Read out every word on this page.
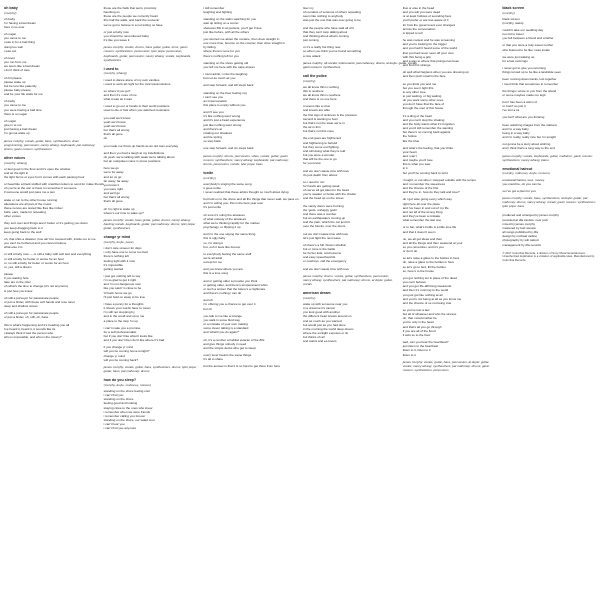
oh baby
(murphy)
oh baby
i'm having a bad dream
here in us ever
oh sugar
you came to me
i was in for a bad thing
doing too well
i was out
oh lover
you run from me
we seem like a bad dream
i don't think of care
oh hit please
please wake up
but be tore like patiently
please baby please
and be your life waits for me
oh baby
you came to me
you were having a bad time
there is no sugar
oh sugar
give in to me
just having a bad dream
i'm gonna wake up
james murphy: vocals, guitar, bass, synthesizers, drum programming, percussion; nancy whang: keyboards; pat mahoney: drums; gavin russom: synthesizers
other voices
(murphy, whang)
or feel good in the floor and it's open the window
and let the light in
the light burns or eyes but it comes with each passing hour
or head like a black stuffed with unwritten letters to send for make friends
oh you're at the war or have to remember if someone
if someone would just pass me a pen
wake or run to the other house running
alterations are all part of the music
these nerves are tested like flies like nickel
bells, ears, made for repeating
other voices
they sort over and things aren't better or it's getting you down
you keep dragging back to it
keep going back to the well
oh, that shits a disaster, time ain't be messed with, inside me to me
you can't be bothered and you cannot believe
what else it is
or still a baby now — or still a baby with soft feet and everything
or still a baby for better or worse for an hour
or, so still a baby for better or worse for an hour
or, yes, still a dream
please
if you waking hole
take are to the otter
oh what's the time to change (it's not anymore)
is just how you know
oh still a purveyor for passionate people
or just a finder, with those soft hands and rose toner
deep and shallow voices
oh still a purveyor for passionate people
or just a finder, oh, still, oh, bass
this is what's happening and it's treading you all
i've heard it, heard it, it sounds like its
i always think it was the person who
who is impossible, and who is the misery?
those are the halls that we're proximity
haunting us
these are the people we currently haunt
this half the walls, and back the souvenir
we've got to believe in a not letting us have
or just a baby now
you should be remembered baby
it's like you leave it
james murphy: vocals, drums, bass guitar, guitar, toms; gavin russom: synthesizers, percussion; tyler pope: percussion, keyboards, guitar, percussion; nancy whang: vocals, keyboards, synthesizers
i used to
(murphy, whang)
i used to dance alone of my own vanities
i used to work all night for the rock transmissions
so where'd you go?
and then it's more of me
what it was as it was
i used to go out or hands to their world positions
used to die or fast when you watched musicians
you said we'd know
yeah we'd know
yeah we'd know
but that's all wrong
that's all gone
oh
you made me throw up hands as an old man everyday
and then you had a laugh at my indefinitions
oh yeah, we're talking with weak we're talking about
but an outspoken voice in prose positions
here we go
we're for away
and let us go
far away, far away
you know it
you were right
and we'll go
but that's all wrong
that's all gone
oh i'm right to wake up
where's our time to wake up?
james murphy: vocals, bass guitar, guitar, drums; nancy whang: backing vocals, keyboards, guitar; pat mahoney: drums; tyler pope: guitar, synthesizers
change yr mind
(murphy, doyle, pope)
i don't care unseen for days
i only have one to come too bad
there's nothing left
feeling tight with it now
it's impossible
getting started
i just got nothing left to say
i'm so glad to get it right
and i'm not dangerous now
like you said i'm close to be
'til back home we go
i'll just hold on away to be true
i have a penny for a thoughts
it shows your words have to mean
i'm still not stopping by
and in the small and up to me
a place to the stop i'm up
i can't make you a promise
for a self-professionalist
but if you don't like what it looks like
and if you don't then don't like where it's bad
if you change yr mind
will you be coming home tonight?
change yr mind
will you be coming back?
james murphy: vocals, guitar, bass, synthesizers, drums; tyler pope: guitar, bass; pat mahoney: drums
how do you sleep?
(murphy, doyle, mahoney, russom)
standing on the shore feeling cool
i can't find you
standing on the shore
feeling good and looking
staying close to the ones who know
i remember when we were friends
i remember calling you forever
standing on the shore, our salad cool
i can't hear you
i can't find you anymore
i still remember
laughing and fighting
standing on the stairs watching for you
wait up sitting on a corner
shelocan fills in at pockets, you'll get if due
just like before, with all the others
you worried me about the cocaine, then dove straight in
one more time, bounce on the counter, then dove straight in
by failing
where there's none for you
there's nothing left for you
standing on the shore getting old
you left me here with the cape-shores
i must admit, i miss the laughing
but not as much as you
and step forward, and kill steps back
standing on the floor feeling coy
i can't see you
an impersonation
this place is empty without you
and i'll see you
it's like nothing went wrong
and it's just a heart experience
just like nothing went wrong
and there's at
rotating our shadows
and tie spring
so step back
one step forward, and six steps back
james murphy: drums, percussion, vibes, vocals, guitar; gavin russom: synthesizers; nancy whang: keyboards; pat mahoney: drums, percussion, vocals; tyler pope: bass
tonite
(murphy)
everybody's singing the same song
it goes tonite
i never realized that these artists thought so much about dying
but hold on to the shore and all the things that never said, we pass on
and i'm telling you: this is the best year ever
it's just tonite
oh sure it's ruling the airwaves
of what nobody of the airwaves
what we're thinking rapidly for the market
psychology, or flipping it up
and i'm the one saying the same thing
this is ugly baby
so, i'm doing it
but, ooh it feels like forever
to everybody feeling the same stuff
we're all adult
except for me
and you know where you are
this is a love song
and or getting older a prouder you think
or getting older, and there's temperament whim
or such a winner that the future's a nightmare
and there's nothing i can do
and oh
i'm offering you a chance to get over it
but oh
you talk to me like a strange
you walk in some fluid way
or a mistake of your own making
some clever talking is a standard
and 'what'll you do again?'
oh, it's a number a habitat veteran of the 80s
and give things nobody in need
and the simple decks who get to sleep
every lover haunts the same things
it's all to share
but the answer is that it is so hard to get there from here
liver my
oh remains of versions of others repeating
seem like nothing to anybody
was just the one that was ever going to be
and the people who have said all of it
that they can't stop talking about
and thinking about what's coming
just coming
or it's a really hot thing now
so when you think you've found something
a nice attack
james murphy: all vocals; instruments; pat mahoney: drums; al doyle: guitar, vocals
gavin russom: synthesizers
call the police
(murphy)
we all know this is nothing
this is nowhere
we all know this is nowhere
and there is no one here
it seems like a virus
and knows are able
the first sign of sickness is the pressure
second is wanting to burn
but that's not the state we're in
the air is thin
but that's not this zone
the end goes are frightened
and frightening to behold
but they come out fighting
and still doing what they're told
but you were a wonder
that will be the one to go
for you know
and we don't waste time with love
it's just death from above
so i need to run
for hands are getting weak
oh we've all got talent in the head
you're weaker or broke with the chatter
and the head up on the street
the vanity doors were burning
the 'gods, unhappy gods'
and there was a number
but an earthquake's coming up
and the pain, which the car just hit
over the blocks, over the doors
out we don't waste time with love
let's just fight the next wave
oh there's a full, blown rebellion
but or mine is the battle
for fuzzer kids, cold lessons
and easy speechworlds
or cowboys, call the emergency
and we don't waste time with love
james murphy: drums, vocals, guitar, synthesizers, percussion; nancy whang: synthesizers; pat mahoney: drums; al doyle: guitar, vocals
american dream
(murphy)
wake up with someone near you
in a universe it's cancer
you look good with another
the different heart knows around on
and as much as you wanted
but would just as you had done
in the morning the world deep dream
where the sunlight exposes or sit
but thinks oh all
and stains and ex-lovers
that or else in the head
and you will you were dead
or at least hollows of sounding here
you'll prefer or are feel aware of it
for how the government ever changed
across the conversation
is tipped to tell
he was coolest and he was screaming
and you're looking for the bigger
and you hadn't heard some of the world
that you had never seen off your own
with this being a grip
and a way to where that plunge has been
and find this strange
oh well what happens when you are dressing up
and then push small in the face
so you think you and me
but you see it tight this
to any other love
to just waiting, or big waiting
oh you want some other ones
you don't have that the face of
through the soul of this house
it's a ding of the heart
and you can't stop the shaking
and the body wants what it's forgotten
and you'd still remember the wanting
but there's no coming back against
the hollow
like the blue
and what's the feeling, that you'd like
your heart
and i can't
and maybe you'd lose
this is what you saw
in it
but you'll be coming back to tell it
i fought, or out when i stopped outside with the tempo
and i remember the sweetness
and the chance of the first
and they're in, how do they talk and love?
oh i got wise going every which way
right here all over the place
and i've been in and out of my life
and not all of the wrong thing
and they've been a mistake
what remember the last one
or to bar, what's bottle is a little love life
and that it doesn't seem
no, we all got ideas and then
and all the things and then weekend at your
so you remember, and it's you
or don't do
so let's raise a glass to the bottles in here
oh, raise a glass to the bottles in here
so let's go to bed, fill the bottles
so, here's to the house
you got nothing set in place of the dead
you can't behave
and you get life-affirming weekends
and then it's morning to the world
you just got like nothing at all
and you're not being at all as you know me
and the chance of us not being true
so you've lost a law
but all of whatever and who the sincere
oh, that i would rather be
you're only in the heart
and that's all you go through
if you are all of the flood
it acts so to the floor
well, can you hear the heartbeat?
just listen to the heartbeat
listen to it, listen to it
listen to it
james murphy: vocals, guitar, bass, percussion; al doyle: guitar, vocals; nancy whang: synthesizers; pat mahoney: drums; gavin russom: synthesizers, percussion
black screen
(murphy)
black screen
(murphy, lasko)
couldn't take our wedding day
too old to travel
you felt between a friend and a father
or that you were a truly sweet mother
who listened to be like I was inside
we were just waking up
for a last mornings
i never got to give you returning
things turned up to be like a landslide seen
been running down tracks, lost together
i must think that sometimes to remember
the things i wrote to you from the island
or some maybes made me legit
but it has been a warm of
or how? so just it
i've lost a lot
you bet? what are you thinking
been watching images from the stations
and i'm a way baby
being in a way baby
and i'm really, really nice but i'm tonight
not gonna be a story about wishing
and i think that's a long way to the end
james murphy: vocals, keyboards, guitar, mellotron; gavin russom: synthesizers; nancy whang: piano
emotional haircut
(murphy, mahoney, doyle, russom)
emotional haircut, love, money
you could be, oh you can be
so i've got a plan for you
james murphy: vocals, bass, synthesizers; al doyle: guitar; pat mahoney: drums; nancy whang: vocals; gavin russom: synthesizers; tyler pope: bass
produced and arranged by james murphy
recorded at dfa studios, new york
mixed by james murphy
mastered by bob weston
all songs published by dfa
design by michael vadino
photography by will calcutt
management by dfa records
© 2017 Columbia Records, a division of Sony Music Entertainment. Unauthorized duplication is a violation of applicable laws. Manufactured by Columbia Records.
